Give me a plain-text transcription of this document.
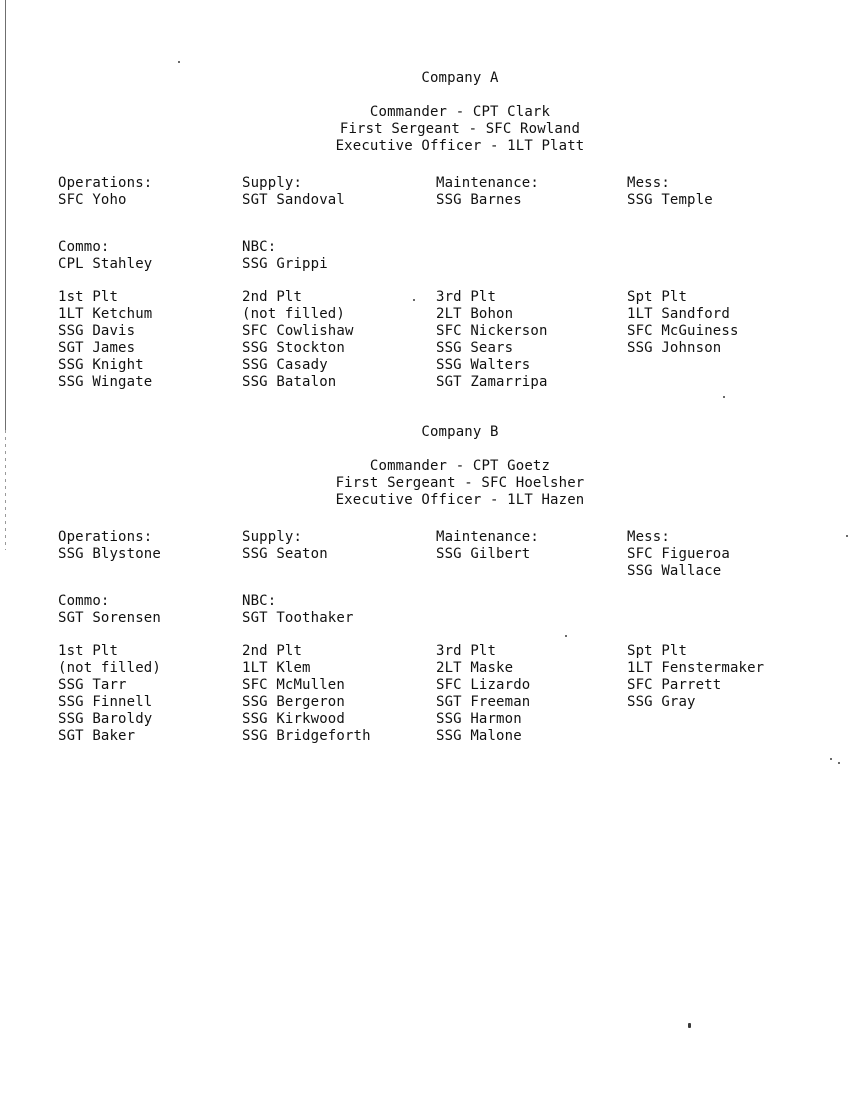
Company A
Commander - CPT Clark
First Sergeant - SFC Rowland
Executive Officer - 1LT Platt
Operations:
SFC Yoho
Supply:
SGT Sandoval
Maintenance:
SSG Barnes
Mess:
SSG Temple
Commo:
CPL Stahley
NBC:
SSG Grippi
1st Plt
1LT Ketchum
SSG Davis
SGT James
SSG Knight
SSG Wingate
2nd Plt
(not filled)
SFC Cowlishaw
SSG Stockton
SSG Casady
SSG Batalon
3rd Plt
2LT Bohon
SFC Nickerson
SSG Sears
SSG Walters
SGT Zamarripa
Spt Plt
1LT Sandford
SFC McGuiness
SSG Johnson
Company B
Commander - CPT Goetz
First Sergeant - SFC Hoelsher
Executive Officer - 1LT Hazen
Operations:
SSG Blystone
Supply:
SSG Seaton
Maintenance:
SSG Gilbert
Mess:
SFC Figueroa
SSG Wallace
Commo:
SGT Sorensen
NBC:
SGT Toothaker
1st Plt
(not filled)
SSG Tarr
SSG Finnell
SSG Baroldy
SGT Baker
2nd Plt
1LT Klem
SFC McMullen
SSG Bergeron
SSG Kirkwood
SSG Bridgeforth
3rd Plt
2LT Maske
SFC Lizardo
SGT Freeman
SSG Harmon
SSG Malone
Spt Plt
1LT Fenstermaker
SFC Parrett
SSG Gray
